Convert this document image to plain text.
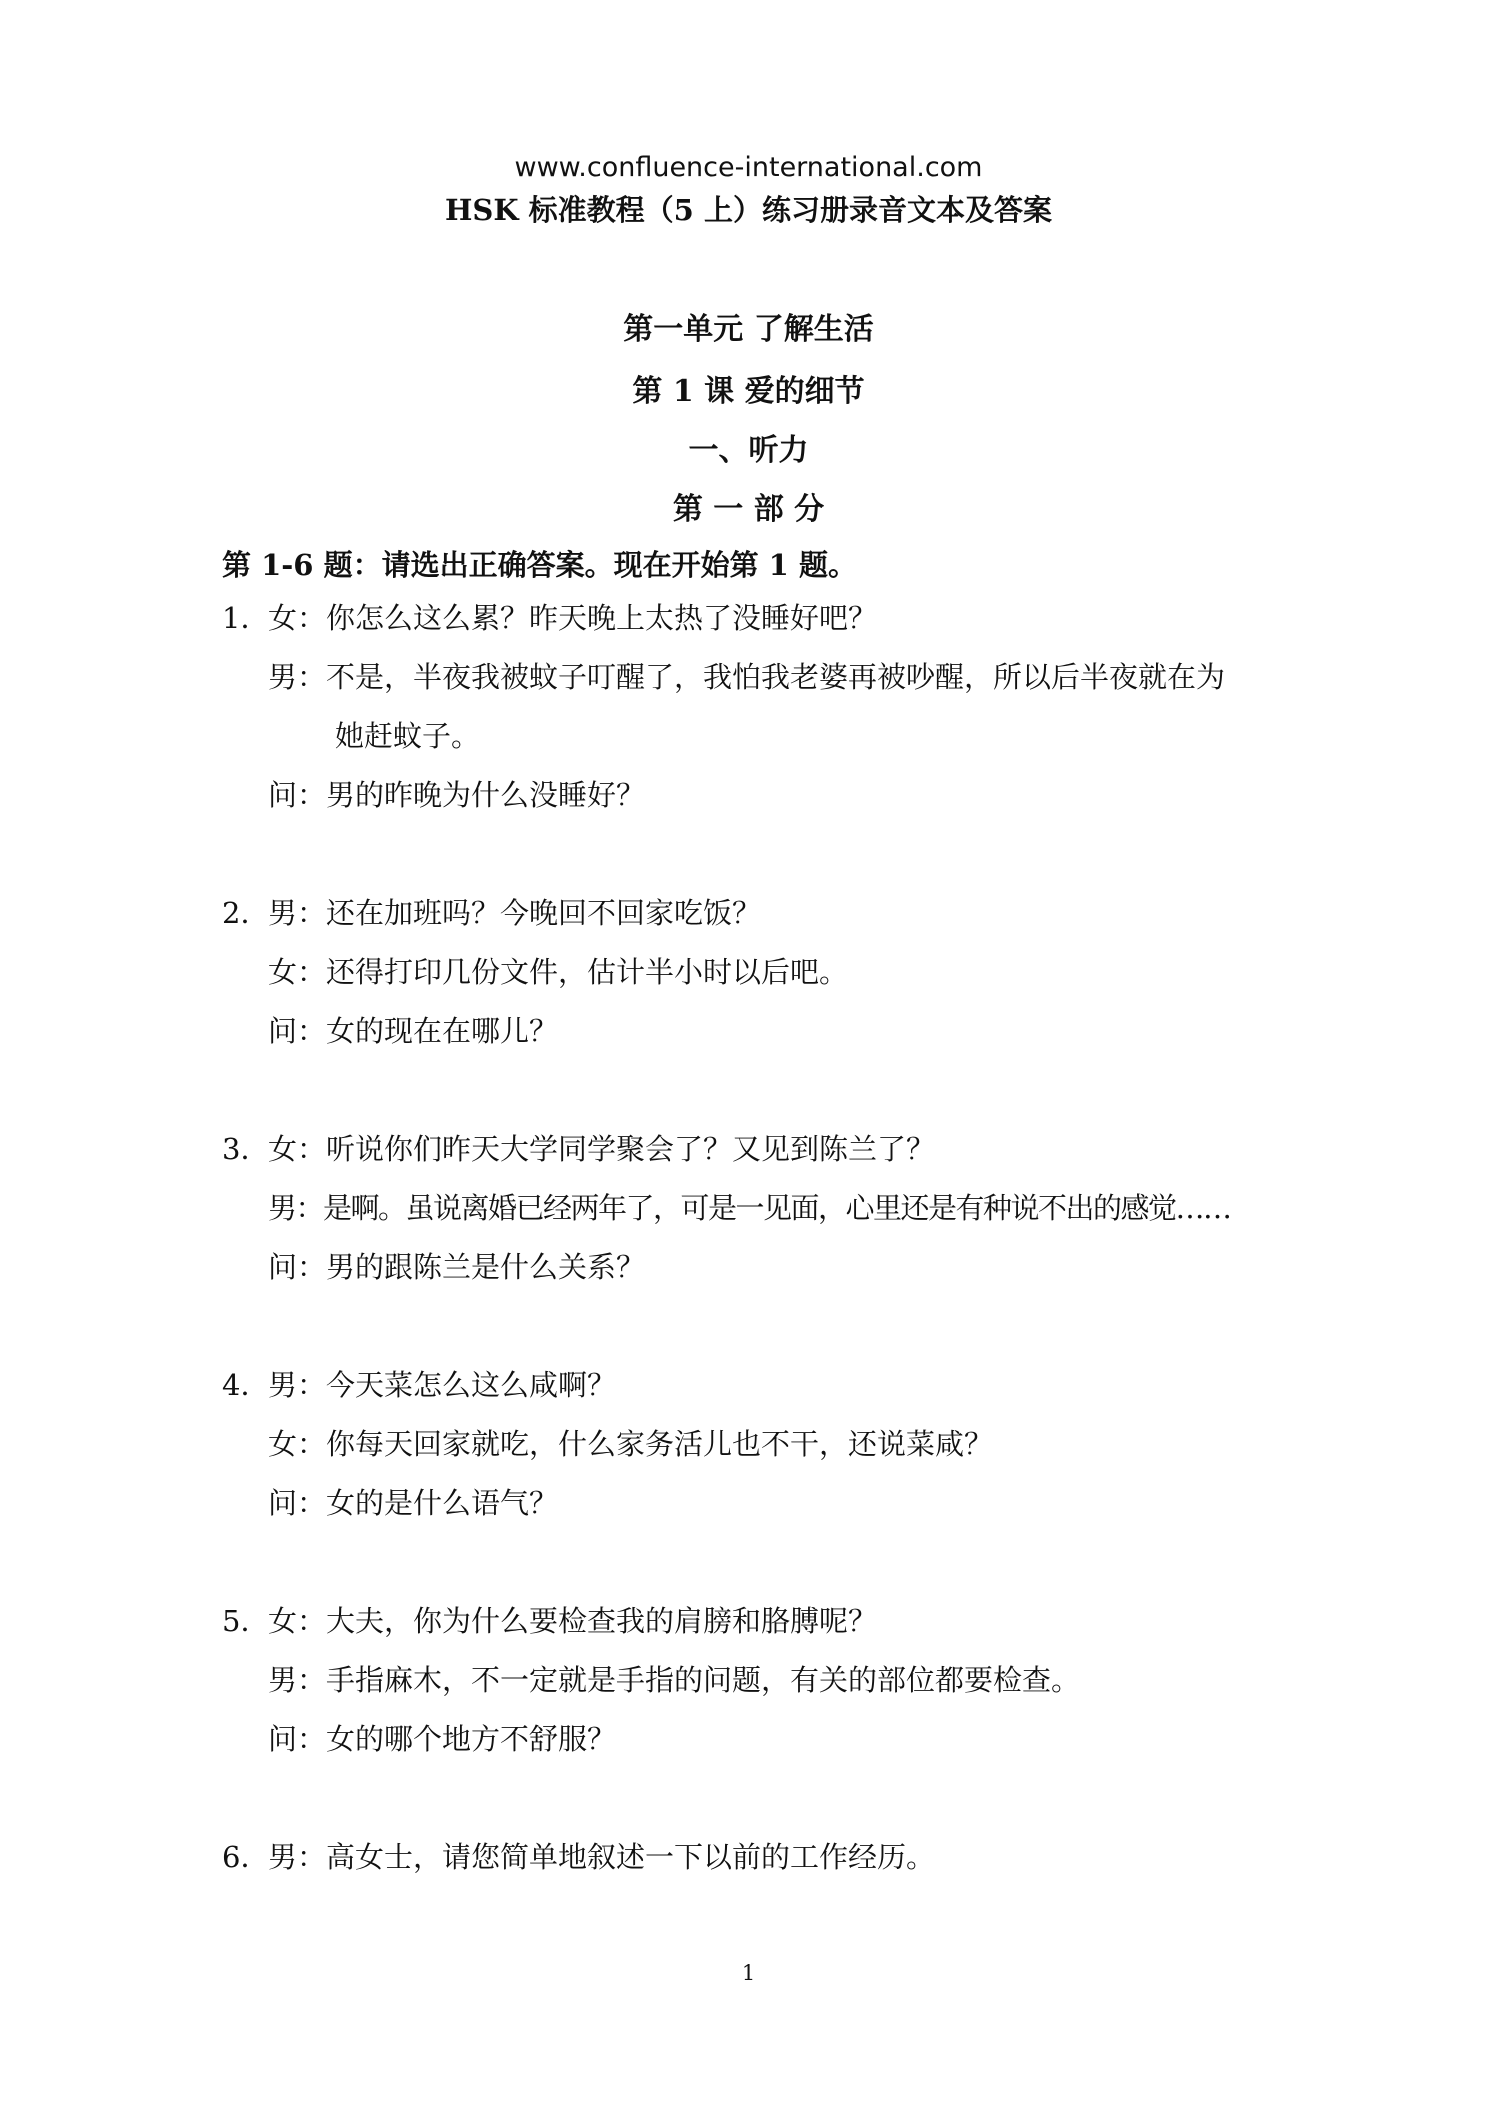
www.confluence-international.com
HSK 标准教程（5 上）练习册录音文本及答案
第一单元 了解生活
第 1 课 爱的细节
一、听力
第 一 部 分
第 1-6 题：请选出正确答案。现在开始第 1 题。
1．
女：你怎么这么累？昨天晚上太热了没睡好吧？
男：不是，半夜我被蚊子叮醒了，我怕我老婆再被吵醒，所以后半夜就在为
她赶蚊子。
问：男的昨晚为什么没睡好？
2．
男：还在加班吗？今晚回不回家吃饭？
女：还得打印几份文件，估计半小时以后吧。
问：女的现在在哪儿？
3．
女：听说你们昨天大学同学聚会了？又见到陈兰了？
男：是啊。虽说离婚已经两年了，可是一见面，心里还是有种说不出的感觉……
问：男的跟陈兰是什么关系？
4．
男：今天菜怎么这么咸啊？
女：你每天回家就吃，什么家务活儿也不干，还说菜咸？
问：女的是什么语气？
5．
女：大夫，你为什么要检查我的肩膀和胳膊呢？
男：手指麻木，不一定就是手指的问题，有关的部位都要检查。
问：女的哪个地方不舒服？
6．
男：高女士，请您简单地叙述一下以前的工作经历。
1
